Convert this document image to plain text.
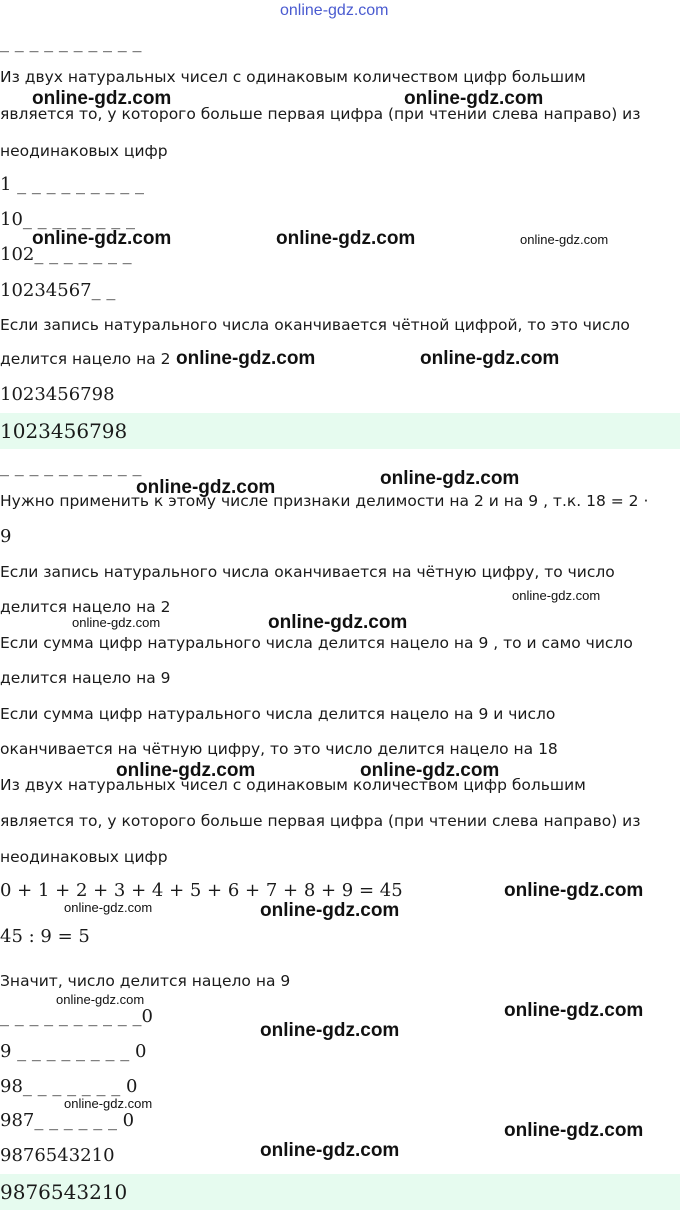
_ _ _ _ _ _ _ _ _ _
Из двух натуральных чисел с одинаковым количеством цифр большим
является то, у которого больше первая цифра (при чтении слева направо) из
неодинаковых цифр
1 _ _ _ _ _ _ _ _ _
10_ _ _ _ _ _ _ _
102_ _ _ _ _ _ _
10234567_ _
Если запись натурального числа оканчивается чётной цифрой, то это число
делится нацело на 2
1023456798
1023456798
_ _ _ _ _ _ _ _ _ _
Нужно применить к этому числе признаки делимости на 2 и на 9 , т.к. 18 = 2 ·
9
Если запись натурального числа оканчивается на чётную цифру, то число
делится нацело на 2
Если сумма цифр натурального числа делится нацело на 9 , то и само число
делится нацело на 9
Если сумма цифр натурального числа делится нацело на 9 и число
оканчивается на чётную цифру, то это число делится нацело на 18
Из двух натуральных чисел с одинаковым количеством цифр большим
является то, у которого больше первая цифра (при чтении слева направо) из
неодинаковых цифр
0 + 1 + 2 + 3 + 4 + 5 + 6 + 7 + 8 + 9 = 45
45 : 9 = 5
Значит, число делится нацело на 9
_ _ _ _ _ _ _ _ _ _0
9 _ _ _ _ _ _ _ _ 0
98_ _ _ _ _ _ _ 0
987_ _ _ _ _ _ 0
9876543210
9876543210
online-gdz.com
online-gdz.com	online-gdz.com
online-gdz.com	online-gdz.com	online-gdz.com
online-gdz.com	online-gdz.com
online-gdz.com	online-gdz.com
online-gdz.com
online-gdz.com
online-gdz.com
online-gdz.com	online-gdz.com
online-gdz.com
online-gdz.com	online-gdz.com
online-gdz.com
online-gdz.com
online-gdz.com
online-gdz.com
online-gdz.com
online-gdz.com
